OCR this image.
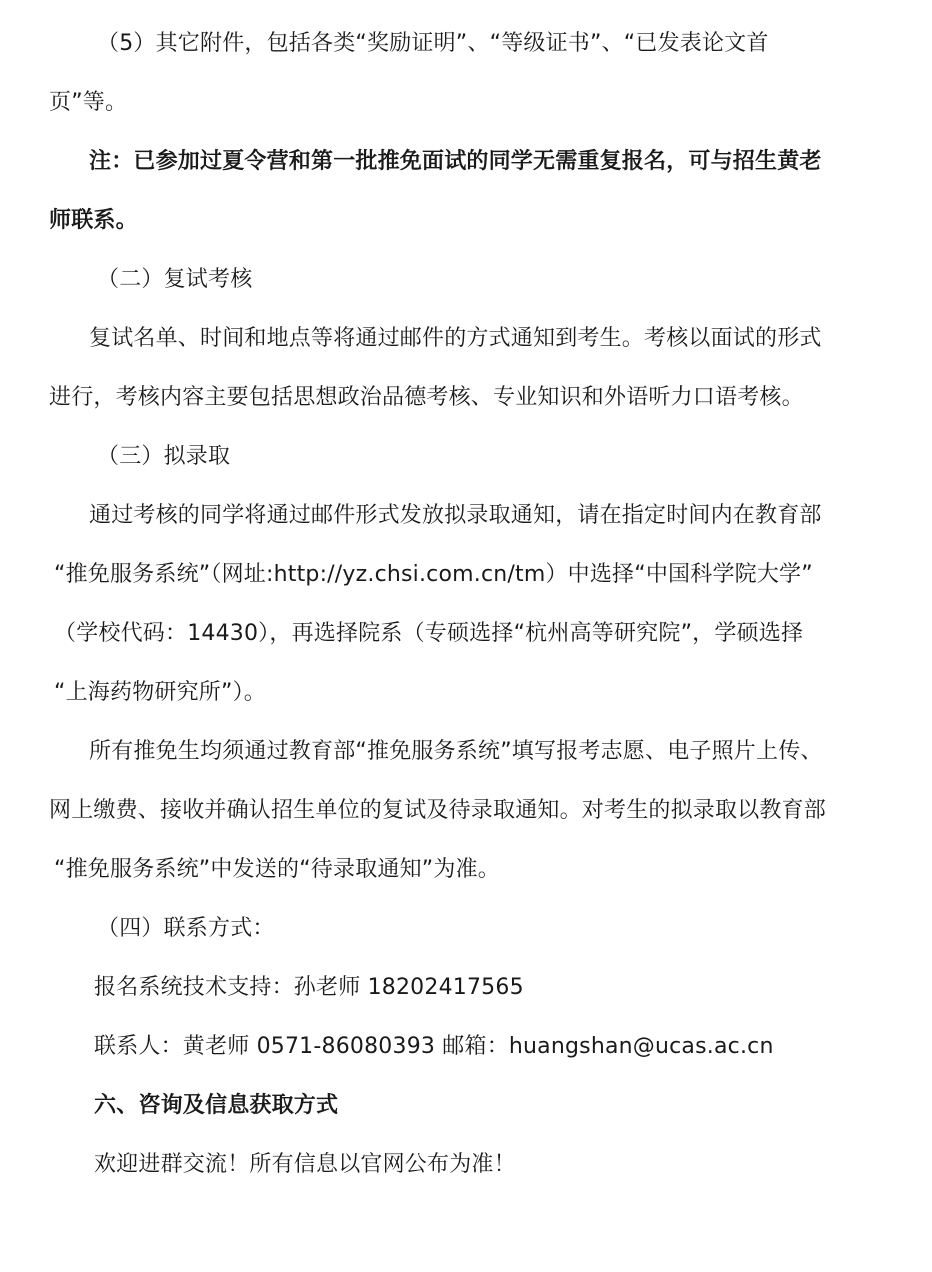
（5）其它附件，包括各类“奖励证明”、“等级证书”、“已发表论文首
页”等。
注：已参加过夏令营和第一批推免面试的同学无需重复报名，可与招生黄老
师联系。
（二）复试考核
复试名单、时间和地点等将通过邮件的方式通知到考生。考核以面试的形式
进行，考核内容主要包括思想政治品德考核、专业知识和外语听力口语考核。
（三）拟录取
通过考核的同学将通过邮件形式发放拟录取通知，请在指定时间内在教育部
“推免服务系统”（网址:http://yz.chsi.com.cn/tm）中选择“中国科学院大学”
（学校代码：14430），再选择院系（专硕选择“杭州高等研究院”，学硕选择
“上海药物研究所”）。
所有推免生均须通过教育部“推免服务系统”填写报考志愿、电子照片上传、
网上缴费、接收并确认招生单位的复试及待录取通知。对考生的拟录取以教育部
“推免服务系统”中发送的“待录取通知”为准。
（四）联系方式：
报名系统技术支持：孙老师 18202417565
联系人：黄老师 0571-86080393 邮箱：huangshan@ucas.ac.cn
六、咨询及信息获取方式
欢迎进群交流！所有信息以官网公布为准！
